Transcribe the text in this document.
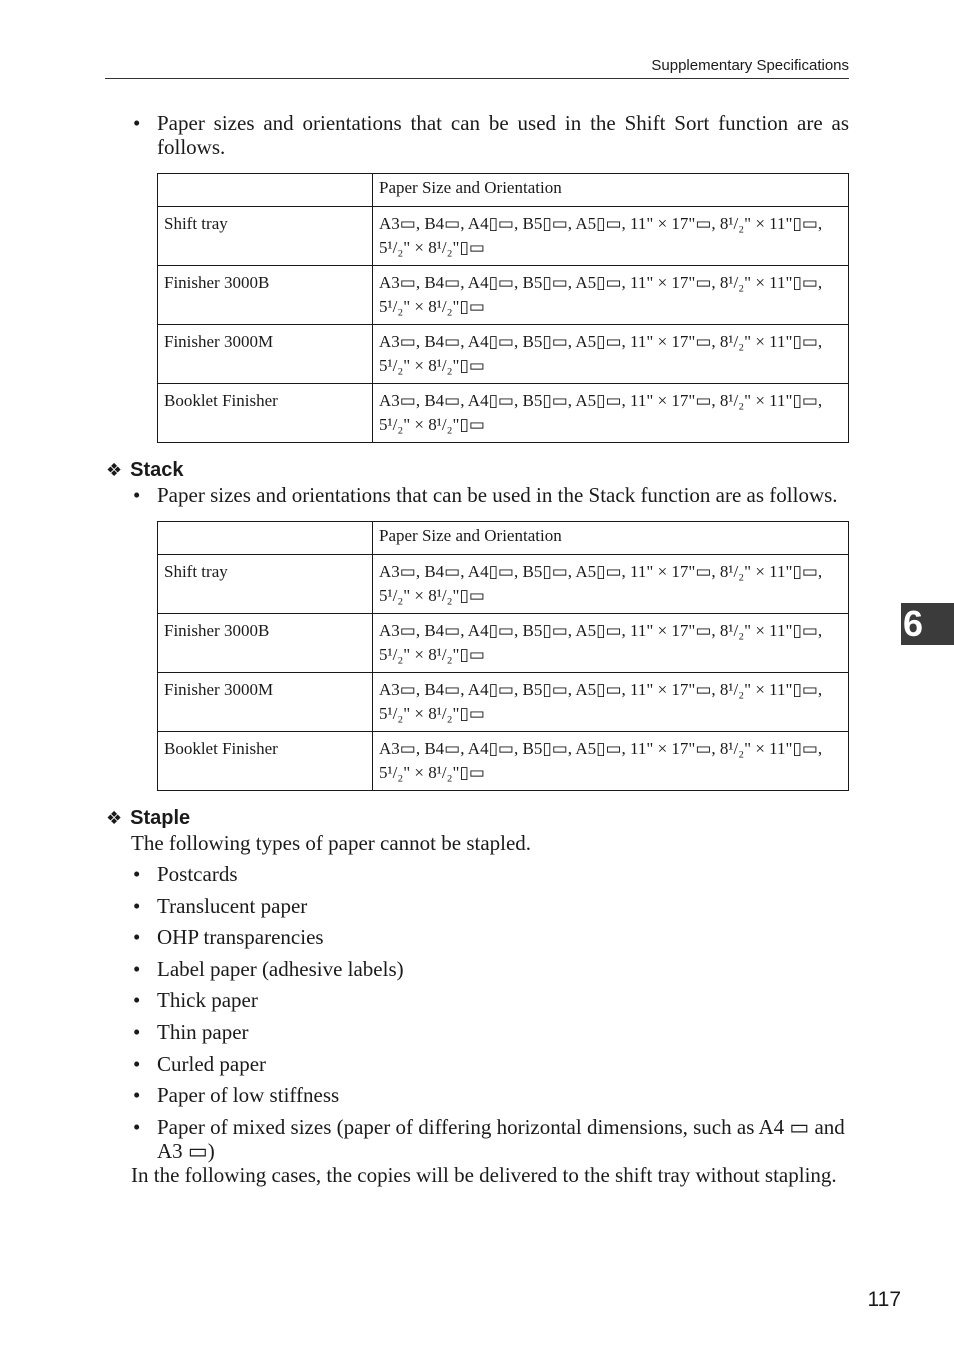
Supplementary Specifications
• Paper sizes and orientations that can be used in the Shift Sort function are as follows.
	Paper Size and Orientation
Shift tray	A3▭, B4▭, A4▯▭, B5▯▭, A5▯▭, 11" × 17"▭, 8¹/₂" × 11"▯▭, 5¹/₂" × 8¹/₂"▯▭
Finisher 3000B	A3▭, B4▭, A4▯▭, B5▯▭, A5▯▭, 11" × 17"▭, 8¹/₂" × 11"▯▭, 5¹/₂" × 8¹/₂"▯▭
Finisher 3000M	A3▭, B4▭, A4▯▭, B5▯▭, A5▯▭, 11" × 17"▭, 8¹/₂" × 11"▯▭, 5¹/₂" × 8¹/₂"▯▭
Booklet Finisher	A3▭, B4▭, A4▯▭, B5▯▭, A5▯▭, 11" × 17"▭, 8¹/₂" × 11"▯▭, 5¹/₂" × 8¹/₂"▯▭
❖ Stack
• Paper sizes and orientations that can be used in the Stack function are as follows.
	Paper Size and Orientation
Shift tray	A3▭, B4▭, A4▯▭, B5▯▭, A5▯▭, 11" × 17"▭, 8¹/₂" × 11"▯▭, 5¹/₂" × 8¹/₂"▯▭
Finisher 3000B	A3▭, B4▭, A4▯▭, B5▯▭, A5▯▭, 11" × 17"▭, 8¹/₂" × 11"▯▭, 5¹/₂" × 8¹/₂"▯▭
Finisher 3000M	A3▭, B4▭, A4▯▭, B5▯▭, A5▯▭, 11" × 17"▭, 8¹/₂" × 11"▯▭, 5¹/₂" × 8¹/₂"▯▭
Booklet Finisher	A3▭, B4▭, A4▯▭, B5▯▭, A5▯▭, 11" × 17"▭, 8¹/₂" × 11"▯▭, 5¹/₂" × 8¹/₂"▯▭
❖ Staple
The following types of paper cannot be stapled.
• Postcards
• Translucent paper
• OHP transparencies
• Label paper (adhesive labels)
• Thick paper
• Thin paper
• Curled paper
• Paper of low stiffness
• Paper of mixed sizes (paper of differing horizontal dimensions, such as A4 ▭ and A3 ▭)
In the following cases, the copies will be delivered to the shift tray without stapling.
6
117
